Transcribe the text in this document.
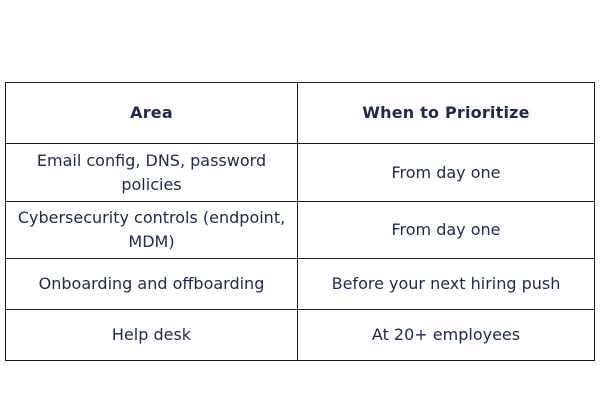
Area	When to Prioritize
Email config, DNS, password policies	From day one
Cybersecurity controls (endpoint, MDM)	From day one
Onboarding and offboarding	Before your next hiring push
Help desk	At 20+ employees
